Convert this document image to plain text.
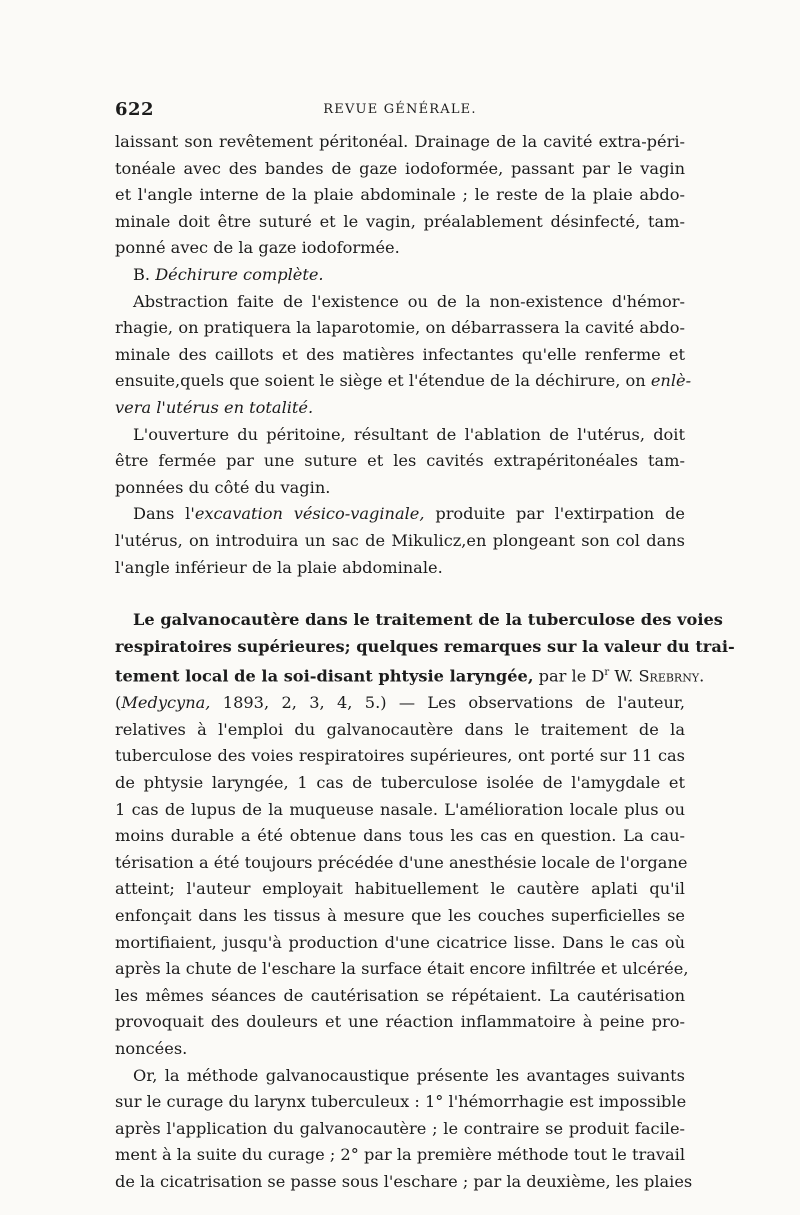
622	REVUE GÉNÉRALE.
laissant son revêtement péritonéal. Drainage de la cavité extra-péri-
tonéale avec des bandes de gaze iodoformée, passant par le vagin
et l'angle interne de la plaie abdominale ; le reste de la plaie abdo-
minale doit être suturé et le vagin, préalablement désinfecté, tam-
ponné avec de la gaze iodoformée.
B. Déchirure complète.
Abstraction faite de l'existence ou de la non-existence d'hémor-
rhagie, on pratiquera la laparotomie, on débarrassera la cavité abdo-
minale des caillots et des matières infectantes qu'elle renferme et
ensuite,quels que soient le siège et l'étendue de la déchirure, on enlè-
vera l'utérus en totalité.
L'ouverture du péritoine, résultant de l'ablation de l'utérus, doit
être fermée par une suture et les cavités extrapéritonéales tam-
ponnées du côté du vagin.
Dans l'excavation vésico-vaginale, produite par l'extirpation de
l'utérus, on introduira un sac de Mikulicz,en plongeant son col dans
l'angle inférieur de la plaie abdominale.
Le galvanocautère dans le traitement de la tuberculose des voies
respiratoires supérieures; quelques remarques sur la valeur du trai-
tement local de la soi-disant phtysie laryngée, par le $D^r$ W. Srebrny.
(Medycyna, 1893, 2, 3, 4, 5.) — Les observations de l'auteur,
relatives à l'emploi du galvanocautère dans le traitement de la
tuberculose des voies respiratoires supérieures, ont porté sur 11 cas
de phtysie laryngée, 1 cas de tuberculose isolée de l'amygdale et
1 cas de lupus de la muqueuse nasale. L'amélioration locale plus ou
moins durable a été obtenue dans tous les cas en question. La cau-
térisation a été toujours précédée d'une anesthésie locale de l'organe
atteint; l'auteur employait habituellement le cautère aplati qu'il
enfonçait dans les tissus à mesure que les couches superficielles se
mortifiaient, jusqu'à production d'une cicatrice lisse. Dans le cas où
après la chute de l'eschare la surface était encore infiltrée et ulcérée,
les mêmes séances de cautérisation se répétaient. La cautérisation
provoquait des douleurs et une réaction inflammatoire à peine pro-
noncées.
Or, la méthode galvanocaustique présente les avantages suivants
sur le curage du larynx tuberculeux : 1° l'hémorrhagie est impossible
après l'application du galvanocautère ; le contraire se produit facile-
ment à la suite du curage ; 2° par la première méthode tout le travail
de la cicatrisation se passe sous l'eschare ; par la deuxième, les plaies
